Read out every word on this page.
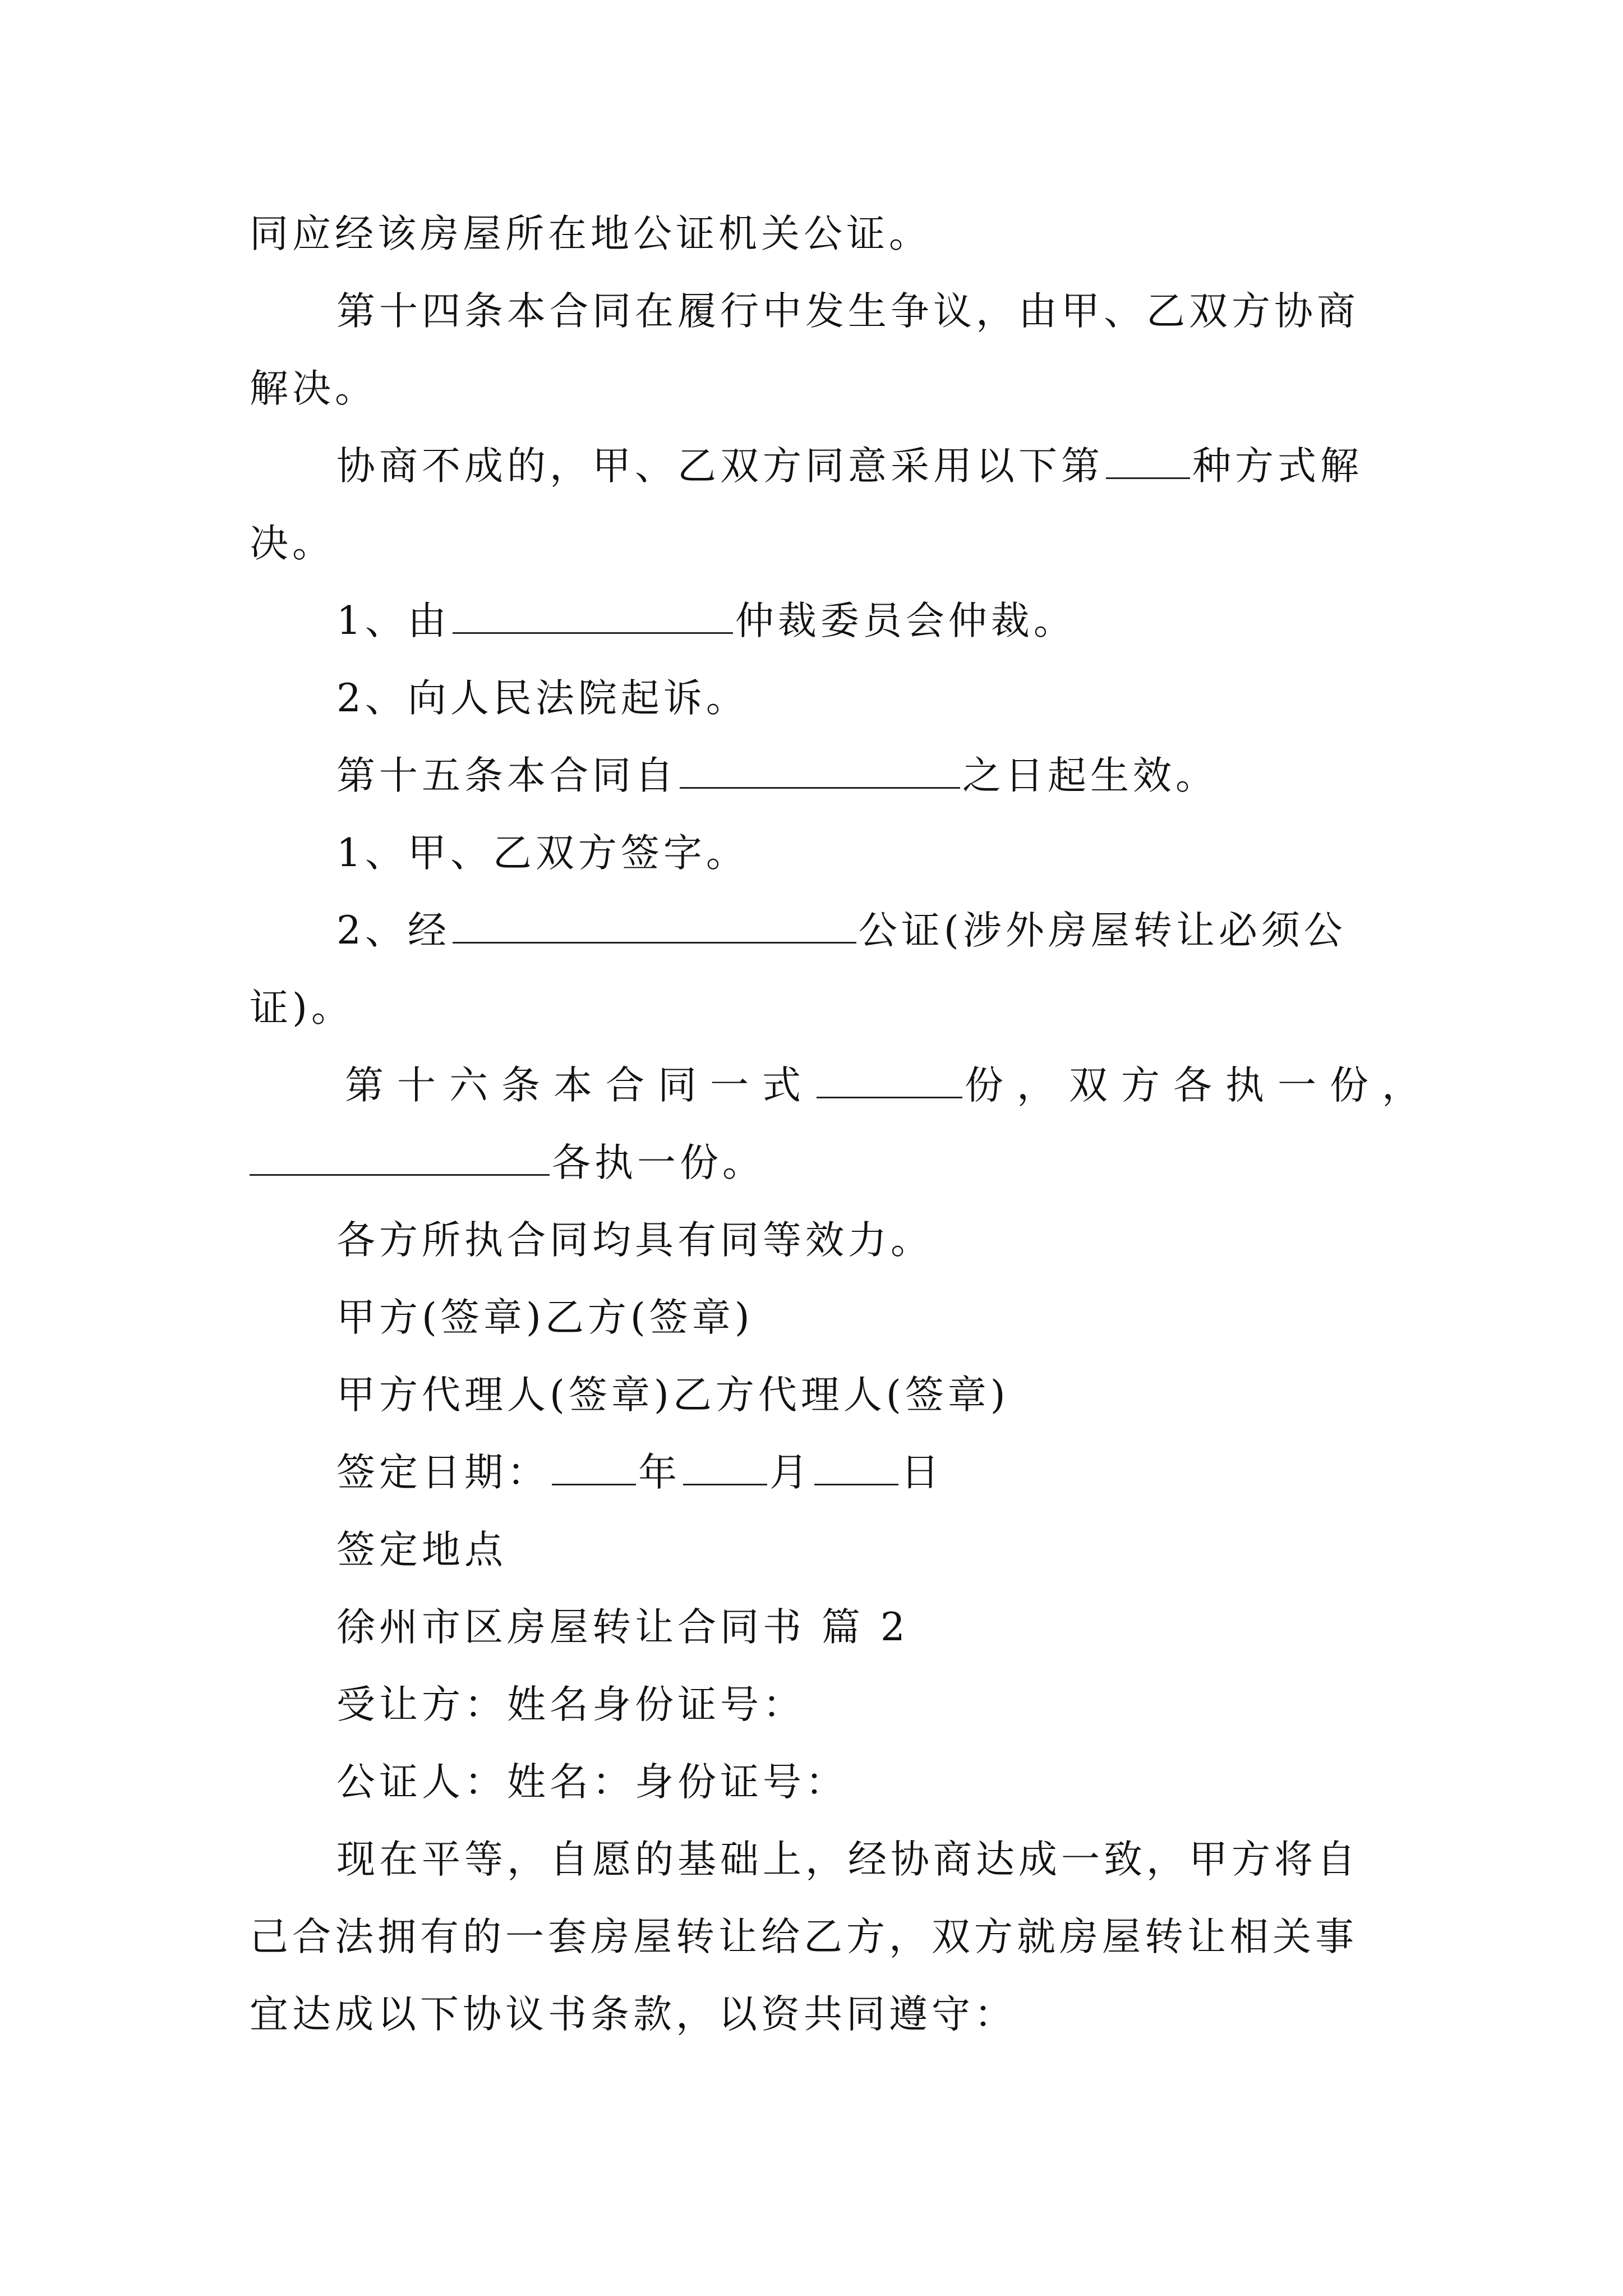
同应经该房屋所在地公证机关公证。
第十四条本合同在履行中发生争议，由甲、乙双方协商
解决。
协商不成的，甲、乙双方同意采用以下第 种方式解
决。
1、由	仲裁委员会仲裁。
2、向人民法院起诉。
第十五条本合同自	之日起生效。
1、甲、乙双方签字。
2、经	公证(涉外房屋转让必须公
证)。
第十六条本合同一式	份，双方各执一份，
各执一份。
各方所执合同均具有同等效力。
甲方(签章)乙方(签章)
甲方代理人(签章)乙方代理人(签章)
签定日期： 年 月 日
签定地点
徐州市区房屋转让合同书 篇 2
受让方：姓名身份证号：
公证人：姓名：身份证号：
现在平等，自愿的基础上，经协商达成一致，甲方将自
己合法拥有的一套房屋转让给乙方，双方就房屋转让相关事
宜达成以下协议书条款，以资共同遵守：
